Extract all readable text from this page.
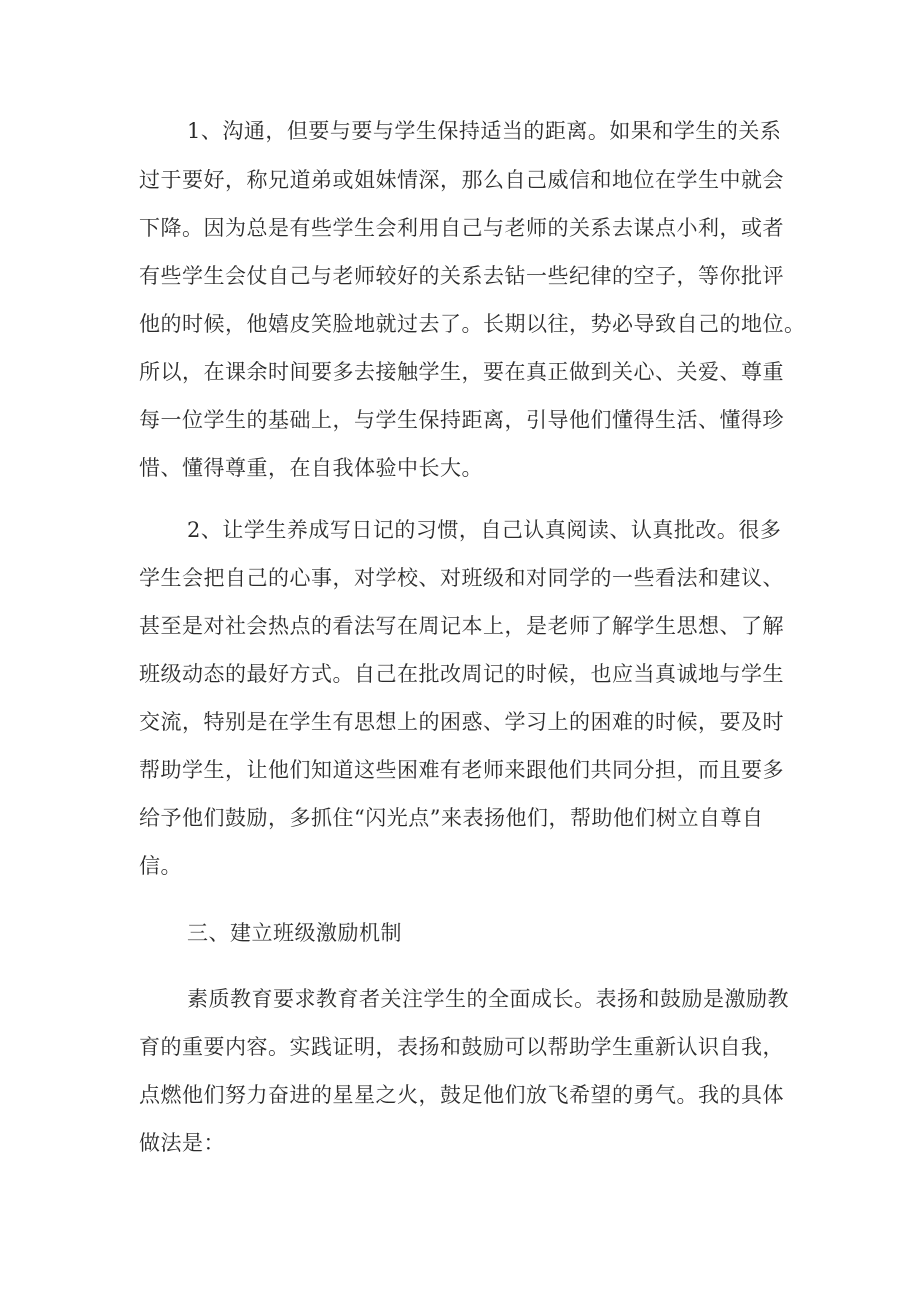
1、沟通，但要与要与学生保持适当的距离。如果和学生的关系
过于要好，称兄道弟或姐妹情深，那么自己威信和地位在学生中就会
下降。因为总是有些学生会利用自己与老师的关系去谋点小利，或者
有些学生会仗自己与老师较好的关系去钻一些纪律的空子，等你批评
他的时候，他嬉皮笑脸地就过去了。长期以往，势必导致自己的地位。
所以，在课余时间要多去接触学生，要在真正做到关心、关爱、尊重
每一位学生的基础上，与学生保持距离，引导他们懂得生活、懂得珍
惜、懂得尊重，在自我体验中长大。
2、让学生养成写日记的习惯，自己认真阅读、认真批改。很多
学生会把自己的心事，对学校、对班级和对同学的一些看法和建议、
甚至是对社会热点的看法写在周记本上，是老师了解学生思想、了解
班级动态的最好方式。自己在批改周记的时候，也应当真诚地与学生
交流，特别是在学生有思想上的困惑、学习上的困难的时候，要及时
帮助学生，让他们知道这些困难有老师来跟他们共同分担，而且要多
给予他们鼓励，多抓住“闪光点”来表扬他们，帮助他们树立自尊自
信。
三、建立班级激励机制
素质教育要求教育者关注学生的全面成长。表扬和鼓励是激励教
育的重要内容。实践证明，表扬和鼓励可以帮助学生重新认识自我，
点燃他们努力奋进的星星之火，鼓足他们放飞希望的勇气。我的具体
做法是：
